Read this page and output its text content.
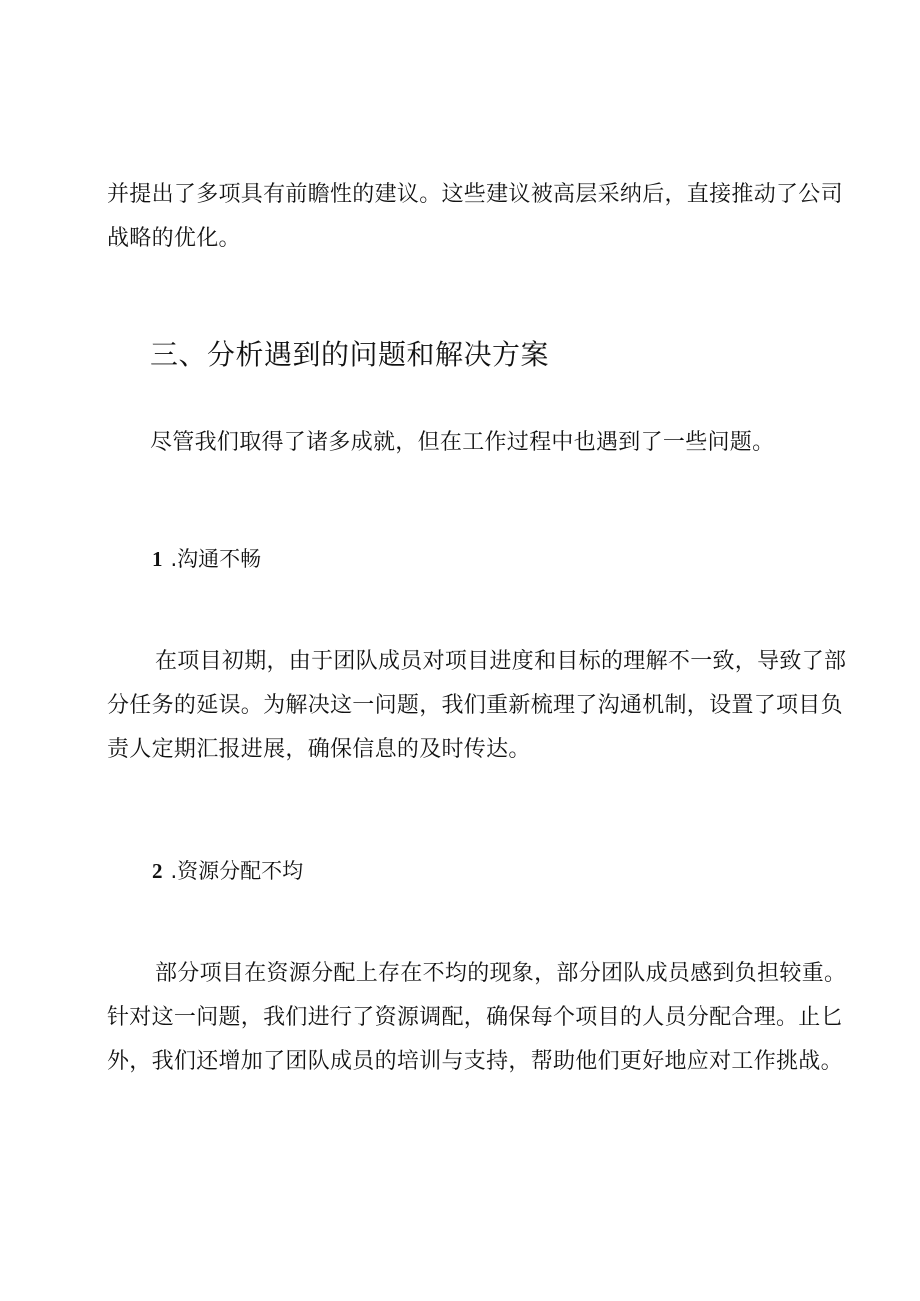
并提出了多项具有前瞻性的建议。这些建议被高层采纳后，直接推动了公司
战略的优化。

三、分析遇到的问题和解决方案

尽管我们取得了诸多成就，但在工作过程中也遇到了一些问题。

1 .沟通不畅

在项目初期，由于团队成员对项目进度和目标的理解不一致，导致了部
分任务的延误。为解决这一问题，我们重新梳理了沟通机制，设置了项目负
责人定期汇报进展，确保信息的及时传达。

2 .资源分配不均

部分项目在资源分配上存在不均的现象，部分团队成员感到负担较重。
针对这一问题，我们进行了资源调配，确保每个项目的人员分配合理。止匕
外，我们还增加了团队成员的培训与支持，帮助他们更好地应对工作挑战。
